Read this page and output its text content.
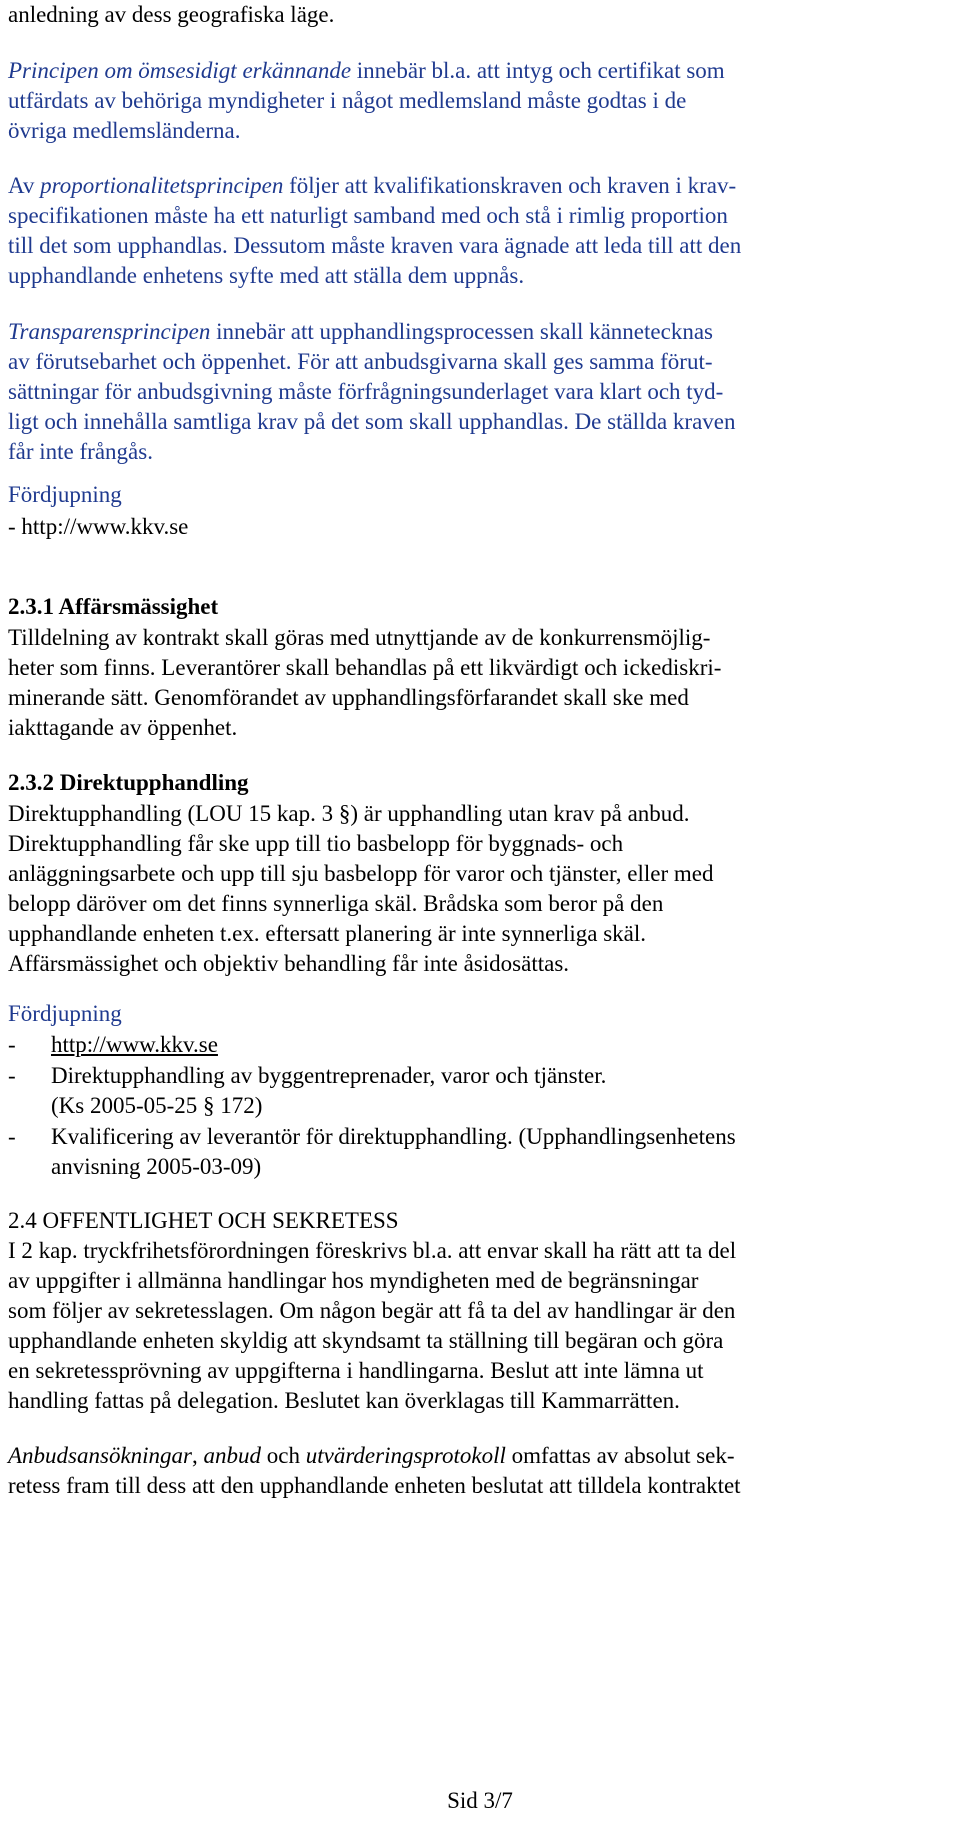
anledning av dess geografiska läge.
Principen om ömsesidigt erkännande innebär bl.a. att intyg och certifikat som
utfärdats av behöriga myndigheter i något medlemsland måste godtas i de
övriga medlemsländerna.
Av proportionalitetsprincipen följer att kvalifikationskraven och kraven i krav-
specifikationen måste ha ett naturligt samband med och stå i rimlig proportion
till det som upphandlas. Dessutom måste kraven vara ägnade att leda till att den
upphandlande enhetens syfte med att ställa dem uppnås.
Transparensprincipen innebär att upphandlingsprocessen skall kännetecknas
av förutsebarhet och öppenhet. För att anbudsgivarna skall ges samma förut-
sättningar för anbudsgivning måste förfrågningsunderlaget vara klart och tyd-
ligt och innehålla samtliga krav på det som skall upphandlas. De ställda kraven
får inte frångås.
Fördjupning
- http://www.kkv.se
2.3.1 Affärsmässighet
Tilldelning av kontrakt skall göras med utnyttjande av de konkurrensmöjlig-
heter som finns. Leverantörer skall behandlas på ett likvärdigt och ickediskri-
minerande sätt. Genomförandet av upphandlingsförfarandet skall ske med
iakttagande av öppenhet.
2.3.2 Direktupphandling
Direktupphandling (LOU 15 kap. 3 §) är upphandling utan krav på anbud.
Direktupphandling får ske upp till tio basbelopp för byggnads- och
anläggningsarbete och upp till sju basbelopp för varor och tjänster, eller med
belopp däröver om det finns synnerliga skäl. Brådska som beror på den
upphandlande enheten t.ex. eftersatt planering är inte synnerliga skäl.
Affärsmässighet och objektiv behandling får inte åsidosättas.
Fördjupning
- http://www.kkv.se
- Direktupphandling av byggentreprenader, varor och tjänster.
(Ks 2005-05-25 § 172)
- Kvalificering av leverantör för direktupphandling. (Upphandlingsenhetens
anvisning 2005-03-09)
2.4 OFFENTLIGHET OCH SEKRETESS
I 2 kap. tryckfrihetsförordningen föreskrivs bl.a. att envar skall ha rätt att ta del
av uppgifter i allmänna handlingar hos myndigheten med de begränsningar
som följer av sekretesslagen. Om någon begär att få ta del av handlingar är den
upphandlande enheten skyldig att skyndsamt ta ställning till begäran och göra
en sekretessprövning av uppgifterna i handlingarna. Beslut att inte lämna ut
handling fattas på delegation. Beslutet kan överklagas till Kammarrätten.
Anbudsansökningar, anbud och utvärderingsprotokoll omfattas av absolut sek-
retess fram till dess att den upphandlande enheten beslutat att tilldela kontraktet
Sid 3/7
